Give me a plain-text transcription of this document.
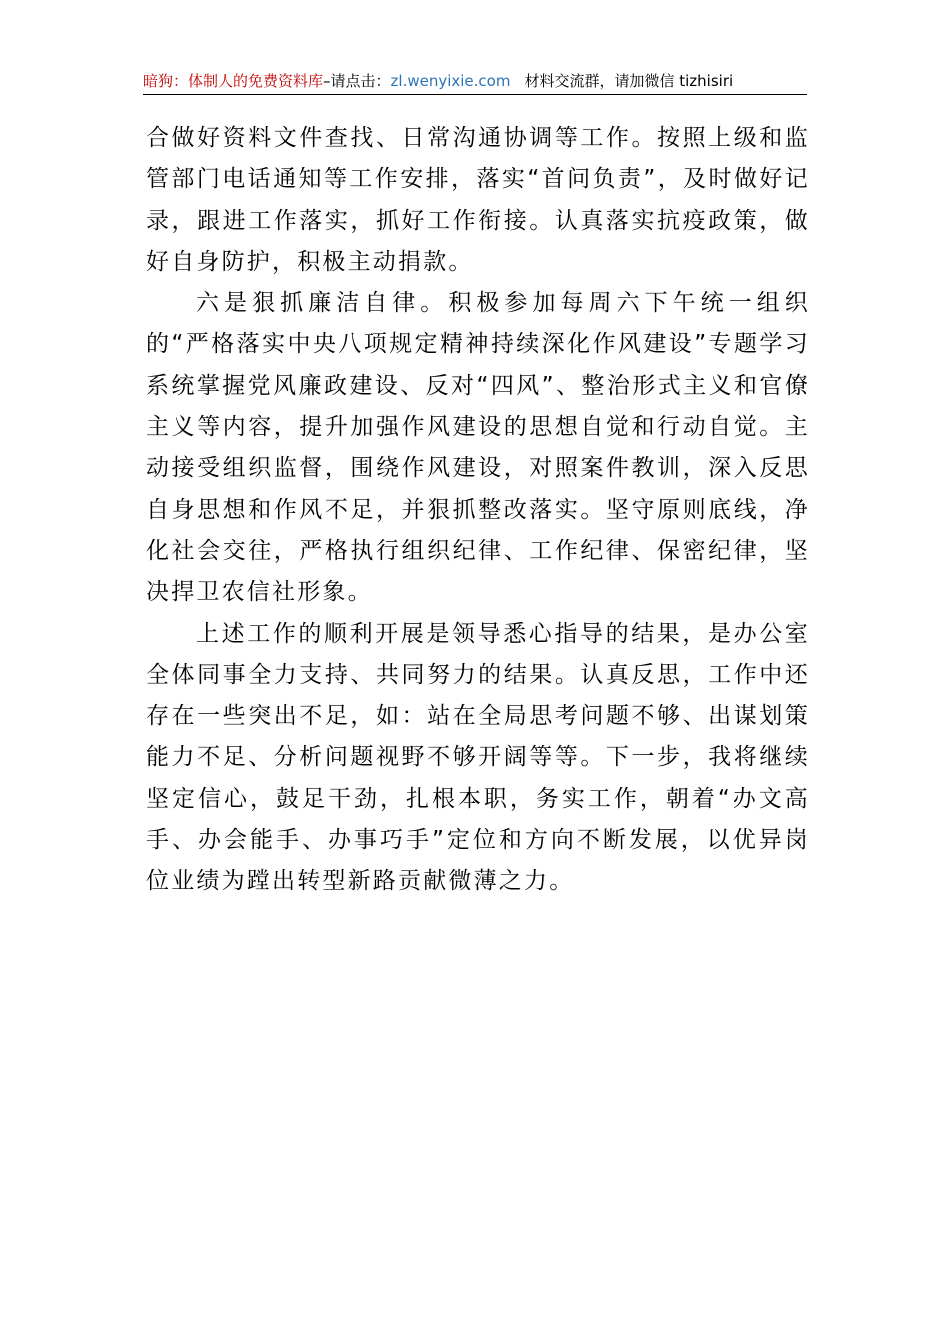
暗狗：体制人的免费资料库–请点击：zl.wenyixie.com 材料交流群，请加微信 tizhisiri

合做好资料文件查找、日常沟通协调等工作。按照上级和监管部门电话通知等工作安排，落实“首问负责”，及时做好记录，跟进工作落实，抓好工作衔接。认真落实抗疫政策，做好自身防护，积极主动捐款。

六是狠抓廉洁自律。积极参加每周六下午统一组织的“严格落实中央八项规定精神持续深化作风建设”专题学习系统掌握党风廉政建设、反对“四风”、整治形式主义和官僚主义等内容，提升加强作风建设的思想自觉和行动自觉。主动接受组织监督，围绕作风建设，对照案件教训，深入反思自身思想和作风不足，并狠抓整改落实。坚守原则底线，净化社会交往，严格执行组织纪律、工作纪律、保密纪律，坚决捍卫农信社形象。

上述工作的顺利开展是领导悉心指导的结果，是办公室全体同事全力支持、共同努力的结果。认真反思，工作中还存在一些突出不足，如：站在全局思考问题不够、出谋划策能力不足、分析问题视野不够开阔等等。下一步，我将继续坚定信心，鼓足干劲，扎根本职，务实工作，朝着“办文高手、办会能手、办事巧手”定位和方向不断发展，以优异岗位业绩为蹚出转型新路贡献微薄之力。
